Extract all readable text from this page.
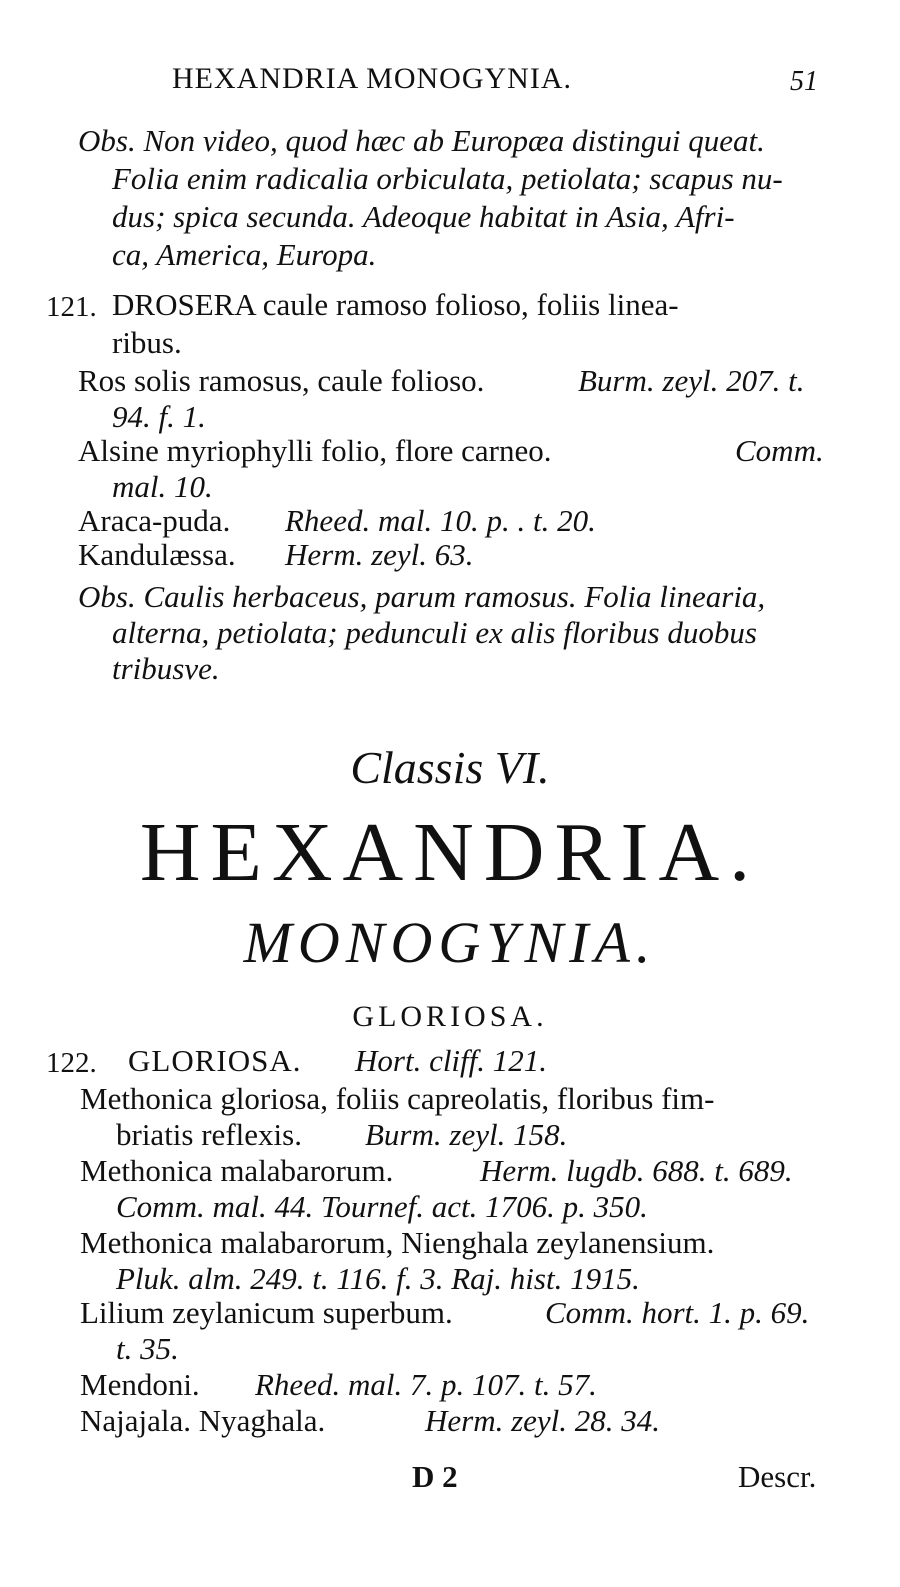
HEXANDRIA MONOGYNIA.	51
Obs. Non video, quod hæc ab Europæa distingui queat.
Folia enim radicalia orbiculata, petiolata; scapus nu-
dus; spica secunda. Adeoque habitat in Asia, Afri-
ca, America, Europa.
121. DROSERA caule ramoso folioso, foliis linea-
ribus.
Ros solis ramosus, caule folioso.	Burm. zeyl. 207. t.
94. f. 1.
Alsine myriophylli folio, flore carneo.	Comm.
mal. 10.
Araca-puda. Rheed. mal. 10. p. . t. 20.
Kandulæssa. Herm. zeyl. 63.
Obs. Caulis herbaceus, parum ramosus. Folia linearia,
alterna, petiolata; pedunculi ex alis floribus duobus
tribusve.
Classis VI.
HEXANDRIA.
MONOGYNIA.
GLORIOSA.
122. GLORIOSA. Hort. cliff. 121.
Methonica gloriosa, foliis capreolatis, floribus fim-
briatis reflexis. Burm. zeyl. 158.
Methonica malabarorum.	Herm. lugdb. 688. t. 689.
Comm. mal. 44. Tournef. act. 1706. p. 350.
Methonica malabarorum, Nienghala zeylanensium.
Pluk. alm. 249. t. 116. f. 3. Raj. hist. 1915.
Lilium zeylanicum superbum.	Comm. hort. 1. p. 69.
t. 35.
Mendoni. Rheed. mal. 7. p. 107. t. 57.
Najajala. Nyaghala.	Herm. zeyl. 28. 34.
D 2	Descr.
